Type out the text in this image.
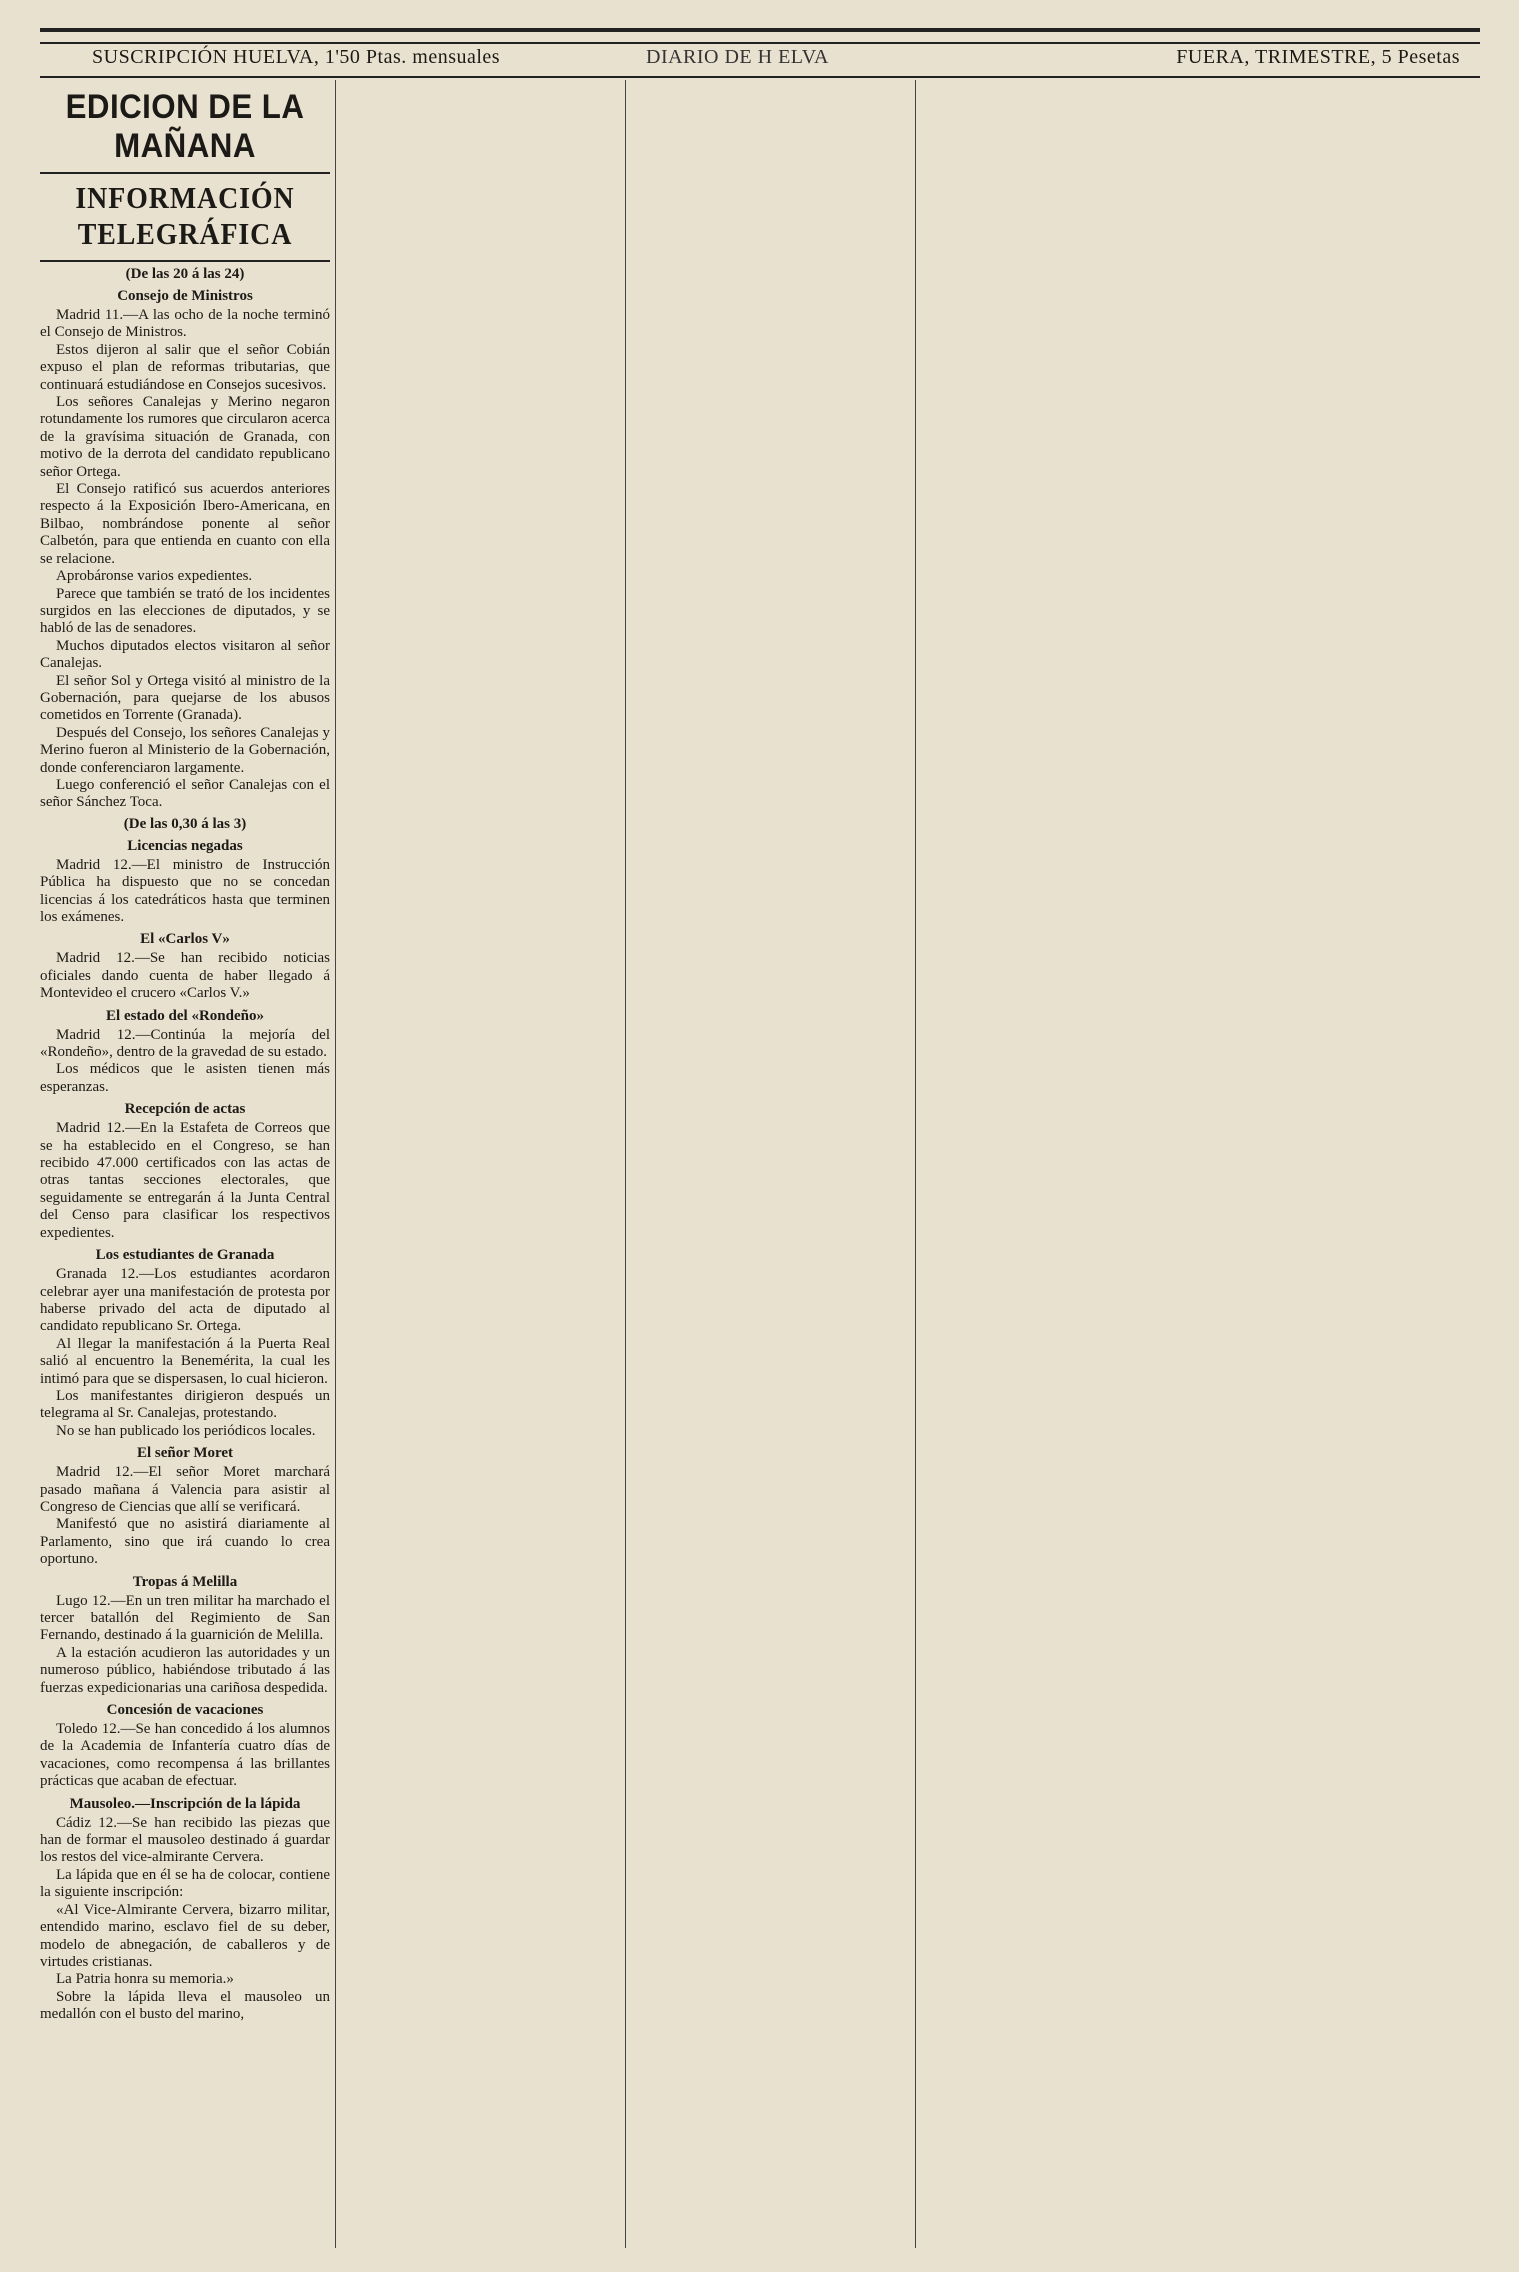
SUSCRIPCIÓN HUELVA, 1'50 Ptas. mensuales	DIARIO DE H ELVA	FUERA, TRIMESTRE, 5 Pesetas
EDICION DE LA MAÑANA
INFORMACIÓN TELEGRÁFICA
(De las 20 á las 24)
Consejo de Ministros

Madrid 11.—A las ocho de la noche terminó el Consejo de Ministros.

Estos dijeron al salir que el señor Cobián expuso el plan de reformas tributarias, que continuará estudiándose en Consejos sucesivos.

Los señores Canalejas y Merino negaron rotundamente los rumores que circularon acerca de la gravísima situación de Granada, con motivo de la derrota del candidato republicano señor Ortega.

El Consejo ratificó sus acuerdos anteriores respecto á la Exposición Ibero-Americana, en Bilbao, nombrándose ponente al señor Calbetón, para que entienda en cuanto con ella se relacione.

Aprobáronse varios expedientes.

Parece que también se trató de los incidentes surgidos en las elecciones de diputados, y se habló de las de senadores.

Muchos diputados electos visitaron al señor Canalejas.

El señor Sol y Ortega visitó al ministro de la Gobernación, para quejarse de los abusos cometidos en Torrente (Granada).

Después del Consejo, los señores Canalejas y Merino fueron al Ministerio de la Gobernación, donde conferenciaron largamente.

Luego conferenció el señor Canalejas con el señor Sánchez Toca.

(De las 0,30 á las 3)
Licencias negadas

Madrid 12.—El ministro de Instrucción Pública ha dispuesto que no se concedan licencias á los catedráticos hasta que terminen los exámenes.

El «Carlos V»

Madrid 12.—Se han recibido noticias oficiales dando cuenta de haber llegado á Montevideo el crucero «Carlos V.»

El estado del «Rondeño»

Madrid 12.—Continúa la mejoría del «Rondeño», dentro de la gravedad de su estado.

Los médicos que le asisten tienen más esperanzas.

Recepción de actas

Madrid 12.—En la Estafeta de Correos que se ha establecido en el Congreso, se han recibido 47.000 certificados con las actas de otras tantas secciones electorales, que seguidamente se entregarán á la Junta Central del Censo para clasificar los respectivos expedientes.

Los estudiantes de Granada

Granada 12.—Los estudiantes acordaron celebrar ayer una manifestación de protesta por haberse privado del acta de diputado al candidato republicano Sr. Ortega.

Al llegar la manifestación á la Puerta Real salió al encuentro la Benemérita, la cual les intimó para que se dispersasen, lo cual hicieron.

Los manifestantes dirigieron después un telegrama al Sr. Canalejas, protestando.

No se han publicado los periódicos locales.

El señor Moret

Madrid 12.—El señor Moret marchará pasado mañana á Valencia para asistir al Congreso de Ciencias que allí se verificará.

Manifestó que no asistirá diariamente al Parlamento, sino que irá cuando lo crea oportuno.

Tropas á Melilla

Lugo 12.—En un tren militar ha marchado el tercer batallón del Regimiento de San Fernando, destinado á la guarnición de Melilla.

A la estación acudieron las autoridades y un numeroso público, habiéndose tributado á las fuerzas expedicionarias una cariñosa despedida.

Concesión de vacaciones

Toledo 12.—Se han concedido á los alumnos de la Academia de Infantería cuatro días de vacaciones, como recompensa á las brillantes prácticas que acaban de efectuar.

Mausoleo.—Inscripción de la lápida

Cádiz 12.—Se han recibido las piezas que han de formar el mausoleo destinado á guardar los restos del vice-almirante Cervera.

La lápida que en él se ha de colocar, contiene la siguiente inscripción:

«Al Vice-Almirante Cervera, bizarro militar, entendido marino, esclavo fiel de su deber, modelo de abnegación, de caballeros y de virtudes cristianas.

La Patria honra su memoria.»

Sobre la lápida lleva el mausoleo un medallón con el busto del marino,
